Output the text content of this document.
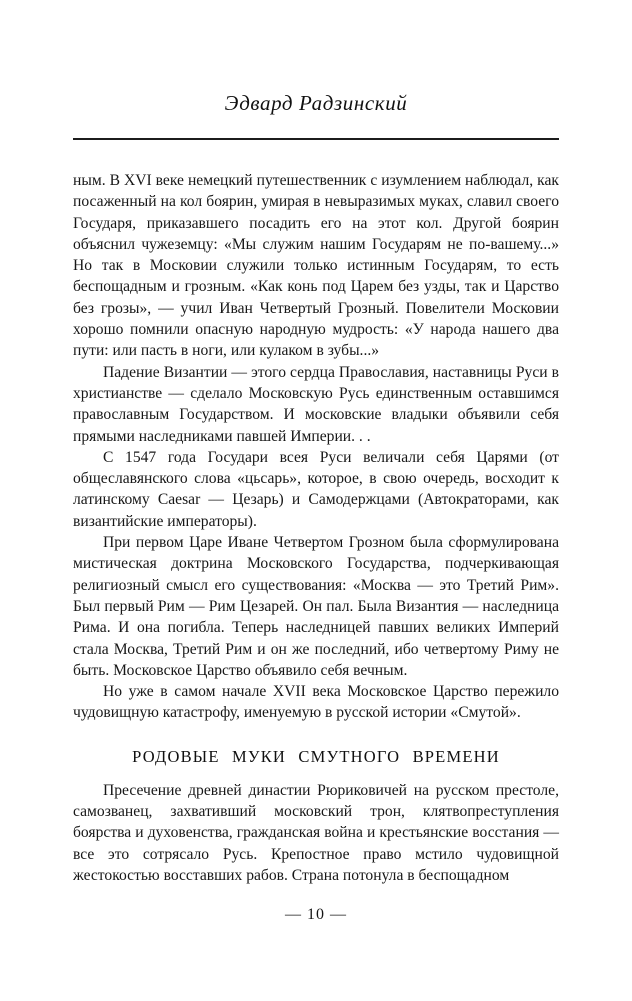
Эдвард Радзинский

ным. В XVI веке немецкий путешественник с изумлением наблюдал, как посаженный на кол боярин, умирая в невыразимых муках, славил своего Государя, приказавшего посадить его на этот кол. Другой боярин объяснил чужеземцу: «Мы служим нашим Государям не по-вашему...» Но так в Московии служили только истинным Государям, то есть беспощадным и грозным. «Как конь под Царем без узды, так и Царство без грозы», — учил Иван Четвертый Грозный. Повелители Московии хорошо помнили опасную народную мудрость: «У народа нашего два пути: или пасть в ноги, или кулаком в зубы...»

Падение Византии — этого сердца Православия, наставницы Руси в христианстве — сделало Московскую Русь единственным оставшимся православным Государством. И московские владыки объявили себя прямыми наследниками павшей Империи. . .

С 1547 года Государи всея Руси величали себя Царями (от общеславянского слова «цьсарь», которое, в свою очередь, восходит к латинскому Caesar — Цезарь) и Самодержцами (Автократорами, как византийские императоры).

При первом Царе Иване Четвертом Грозном была сформулирована мистическая доктрина Московского Государства, подчеркивающая религиозный смысл его существования: «Москва — это Третий Рим». Был первый Рим — Рим Цезарей. Он пал. Была Византия — наследница Рима. И она погибла. Теперь наследницей павших великих Империй стала Москва, Третий Рим и он же последний, ибо четвертому Риму не быть. Московское Царство объявило себя вечным.

Но уже в самом начале XVII века Московское Царство пережило чудовищную катастрофу, именуемую в русской истории «Смутой».

РОДОВЫЕ МУКИ СМУТНОГО ВРЕМЕНИ

Пресечение древней династии Рюриковичей на русском престоле, самозванец, захвативший московский трон, клятвопреступления боярства и духовенства, гражданская война и крестьянские восстания — все это сотрясало Русь. Крепостное право мстило чудовищной жестокостью восставших рабов. Страна потонула в беспощадном

— 10 —
